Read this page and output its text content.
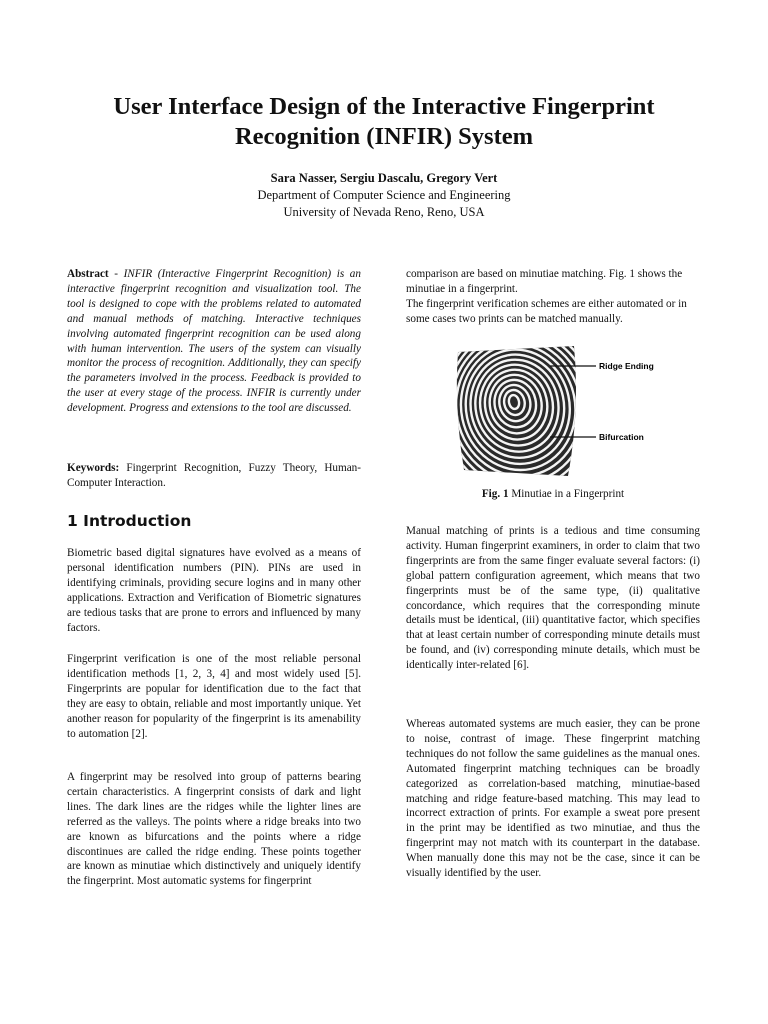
User Interface Design of the Interactive Fingerprint
Recognition (INFIR) System
Sara Nasser, Sergiu Dascalu, Gregory Vert
Department of Computer Science and Engineering
University of Nevada Reno, Reno, USA

Abstract - INFIR (Interactive Fingerprint Recognition) is an interactive fingerprint recognition and visualization tool. The tool is designed to cope with the problems related to automated and manual methods of matching. Interactive techniques involving automated fingerprint recognition can be used along with human intervention. The users of the system can visually monitor the process of recognition. Additionally, they can specify the parameters involved in the process. Feedback is provided to the user at every stage of the process. INFIR is currently under development. Progress and extensions to the tool are discussed.

Keywords: Fingerprint Recognition, Fuzzy Theory, Human-Computer Interaction.

1 Introduction

Biometric based digital signatures have evolved as a means of personal identification numbers (PIN). PINs are used in identifying criminals, providing secure logins and in many other applications. Extraction and Verification of Biometric signatures are tedious tasks that are prone to errors and influenced by many factors.

Fingerprint verification is one of the most reliable personal identification methods [1, 2, 3, 4] and most widely used [5]. Fingerprints are popular for identification due to the fact that they are easy to obtain, reliable and most importantly unique. Yet another reason for popularity of the fingerprint is its amenability to automation [2].

A fingerprint may be resolved into group of patterns bearing certain characteristics. A fingerprint consists of dark and light lines. The dark lines are the ridges while the lighter lines are referred as the valleys. The points where a ridge breaks into two are known as bifurcations and the points where a ridge discontinues are called the ridge ending. These points together are known as minutiae which distinctively and uniquely identify the fingerprint. Most automatic systems for fingerprint

comparison are based on minutiae matching. Fig. 1 shows the minutiae in a fingerprint.

The fingerprint verification schemes are either automated or in some cases two prints can be matched manually.

Ridge Ending
Bifurcation
Fig. 1 Minutiae in a Fingerprint

Manual matching of prints is a tedious and time consuming activity. Human fingerprint examiners, in order to claim that two fingerprints are from the same finger evaluate several factors: (i) global pattern configuration agreement, which means that two fingerprints must be of the same type, (ii) qualitative concordance, which requires that the corresponding minute details must be identical, (iii) quantitative factor, which specifies that at least certain number of corresponding minute details must be found, and (iv) corresponding minute details, which must be identically inter-related [6].

Whereas automated systems are much easier, they can be prone to noise, contrast of image. These fingerprint matching techniques do not follow the same guidelines as the manual ones. Automated fingerprint matching techniques can be broadly categorized as correlation-based matching, minutiae-based matching and ridge feature-based matching. This may lead to incorrect extraction of prints. For example a sweat pore present in the print may be identified as two minutiae, and thus the fingerprint may not match with its counterpart in the database. When manually done this may not be the case, since it can be visually identified by the user.
